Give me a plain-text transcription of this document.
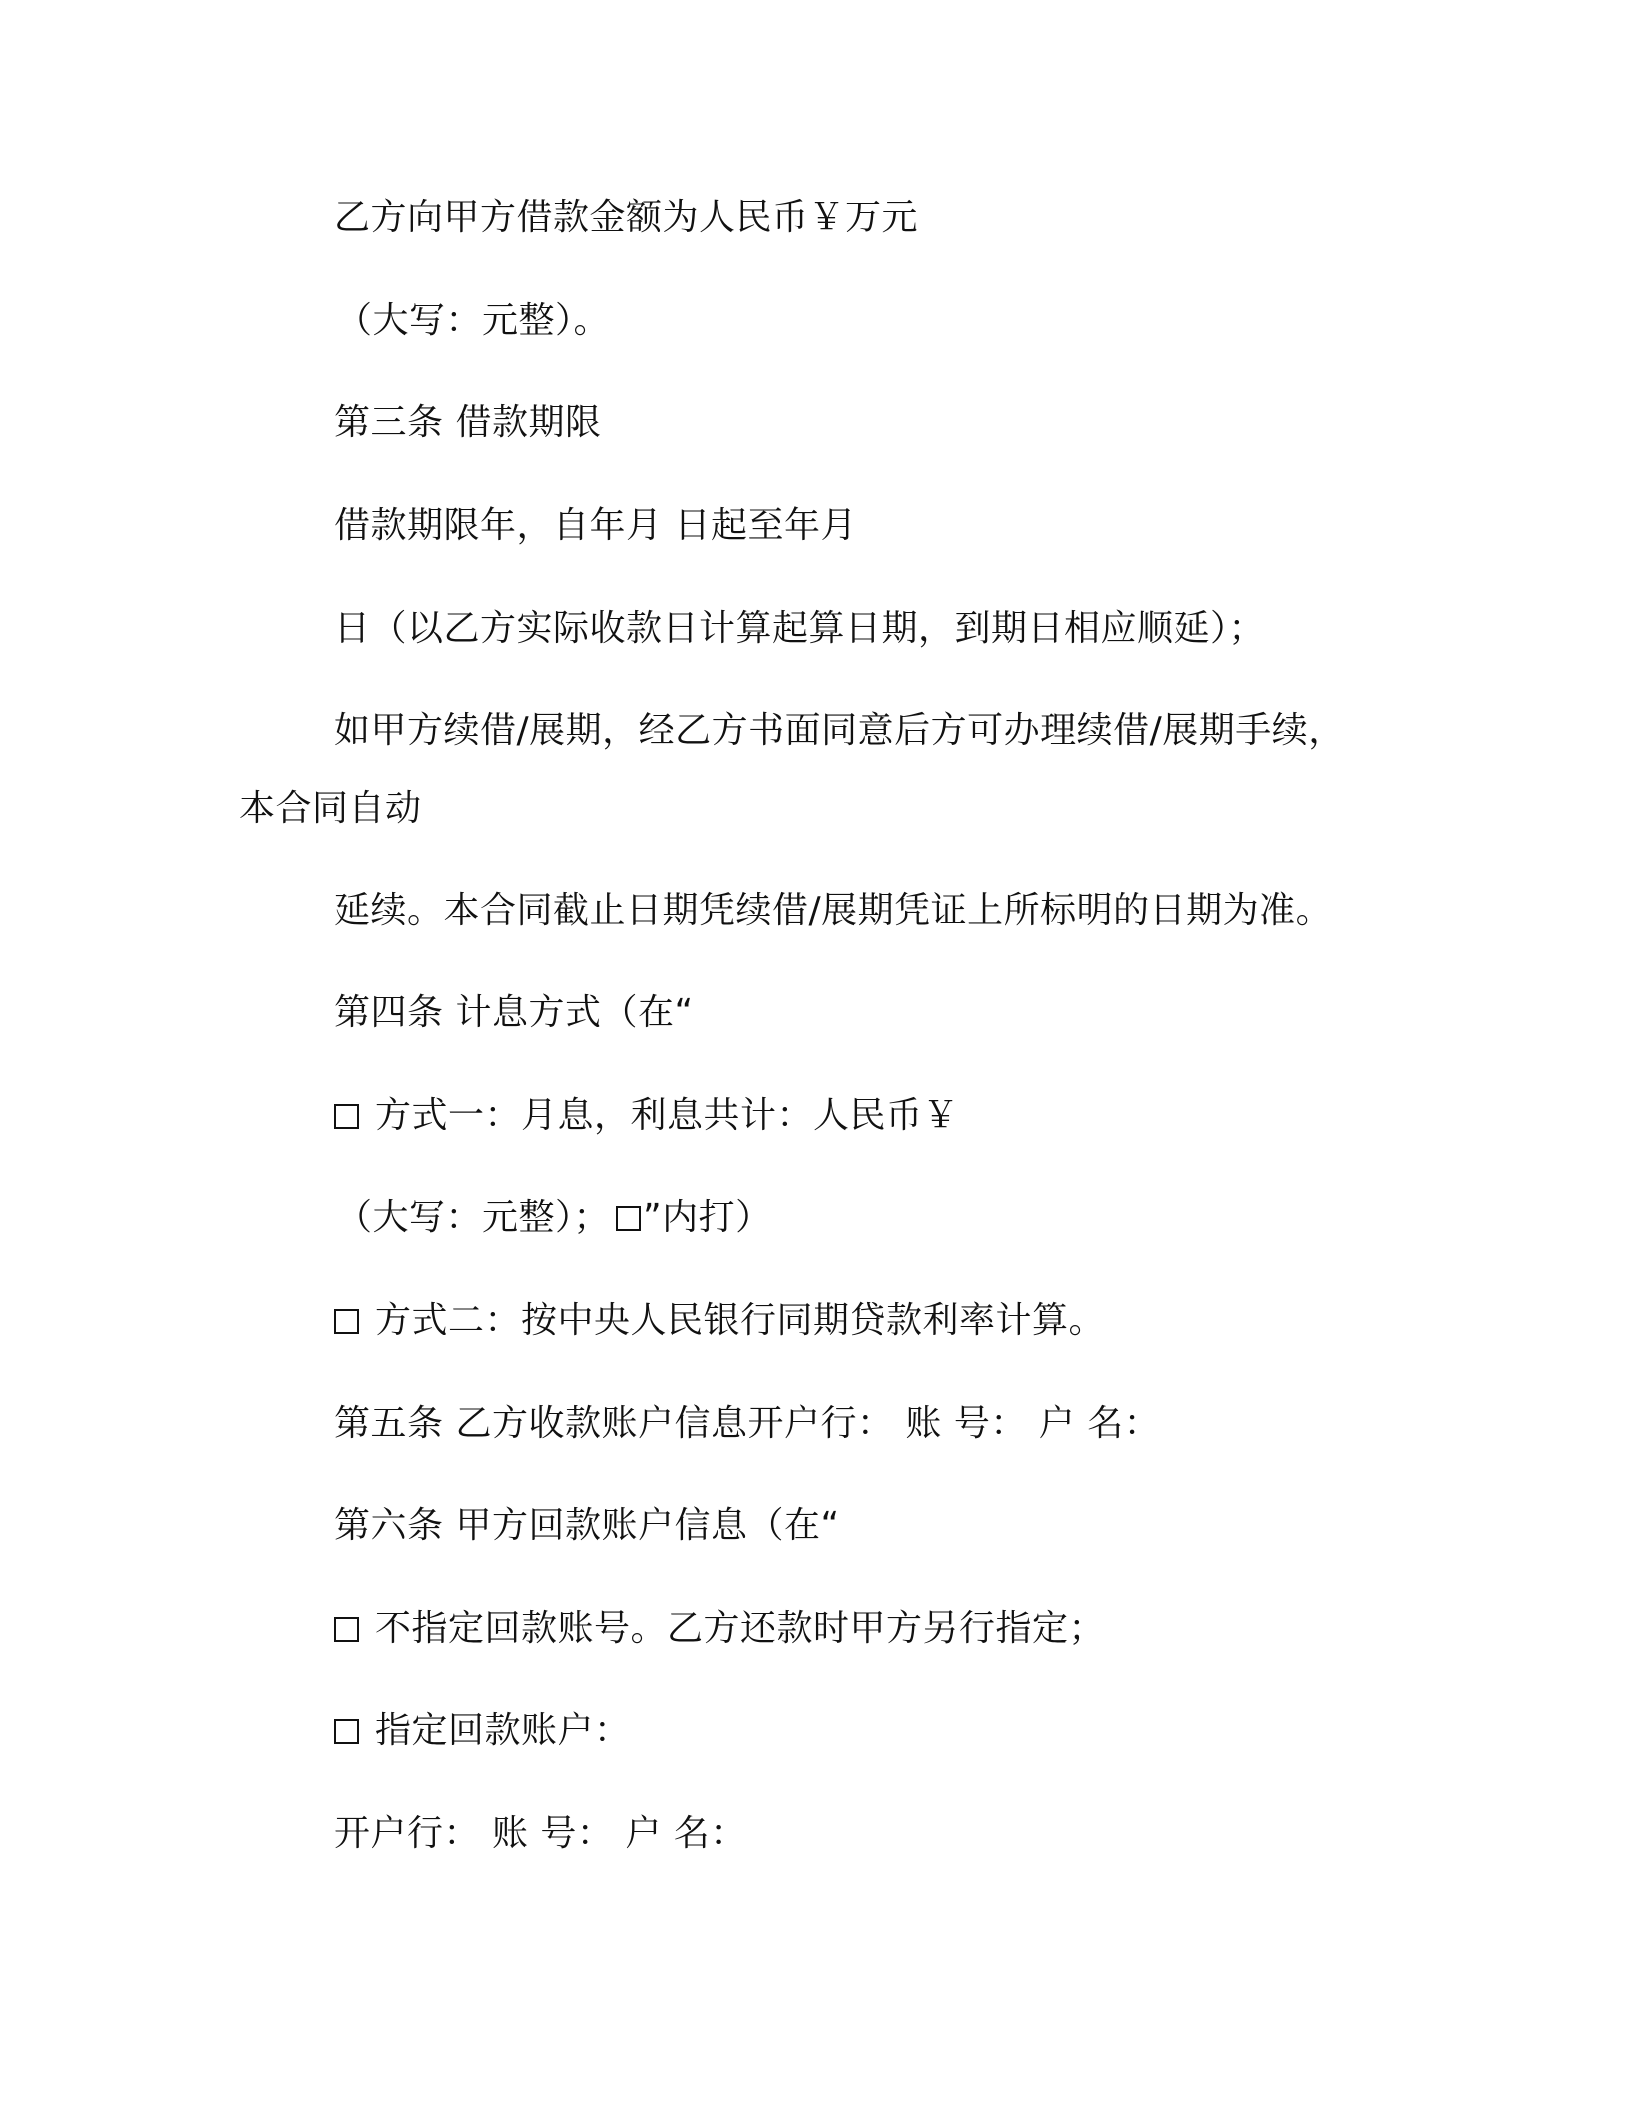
乙方向甲方借款金额为人民币￥万元
（大写：元整）。
第三条 借款期限
借款期限年，自年月 日起至年月
日（以乙方实际收款日计算起算日期，到期日相应顺延）；
如甲方续借/展期，经乙方书面同意后方可办理续借/展期手续，
本合同自动
延续。本合同截止日期凭续借/展期凭证上所标明的日期为准。
第四条 计息方式（在“
方式一：月息，利息共计：人民币￥
（大写：元整）； ”内打）
方式二：按中央人民银行同期贷款利率计算。
第五条 乙方收款账户信息开户行： 账 号： 户 名：
第六条 甲方回款账户信息（在“
不指定回款账号。乙方还款时甲方另行指定；
指定回款账户：
开户行： 账 号： 户 名：
